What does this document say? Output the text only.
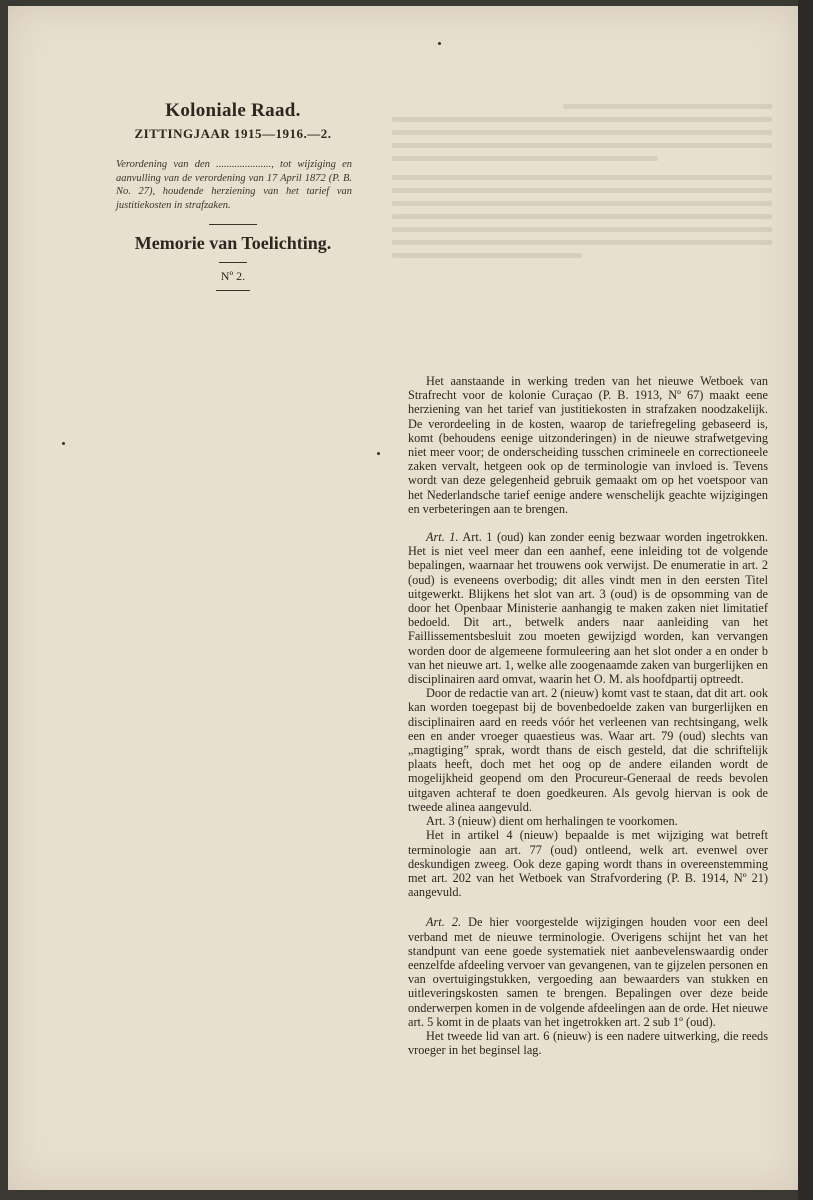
Koloniale Raad.
ZITTINGJAAR 1915—1916.—2.
Verordening van den ....................., tot wijziging en aanvulling van de verordening van 17 April 1872 (P. B. No. 27), houdende herziening van het tarief van justitiekosten in strafzaken.
Memorie van Toelichting.
Nº 2.

Het aanstaande in werking treden van het nieuwe Wetboek van Strafrecht voor de kolonie Curaçao (P. B. 1913, Nº 67) maakt eene herziening van het tarief van justitiekosten in strafzaken noodzakelijk. De verordeeling in de kosten, waarop de tariefregeling gebaseerd is, komt (behoudens eenige uitzonderingen) in de nieuwe strafwetgeving niet meer voor; de onderscheiding tusschen crimineele en correctioneele zaken vervalt, hetgeen ook op de terminologie van invloed is. Tevens wordt van deze gelegenheid gebruik gemaakt om op het voetspoor van het Nederlandsche tarief eenige andere wenschelijk geachte wijzigingen en verbeteringen aan te brengen.

Art. 1. Art. 1 (oud) kan zonder eenig bezwaar worden ingetrokken. Het is niet veel meer dan een aanhef, eene inleiding tot de volgende bepalingen, waarnaar het trouwens ook verwijst. De enumeratie in art. 2 (oud) is eveneens overbodig; dit alles vindt men in den eersten Titel uitgewerkt. Blijkens het slot van art. 3 (oud) is de opsomming van de door het Openbaar Ministerie aanhangig te maken zaken niet limitatief bedoeld. Dit art., betwelk anders naar aanleiding van het Faillissementsbesluit zou moeten gewijzigd worden, kan vervangen worden door de algemeene formuleering aan het slot onder a en onder b van het nieuwe art. 1, welke alle zoogenaamde zaken van burgerlijken en disciplinairen aard omvat, waarin het O. M. als hoofdpartij optreedt.

Door de redactie van art. 2 (nieuw) komt vast te staan, dat dit art. ook kan worden toegepast bij de bovenbedoelde zaken van burgerlijken en disciplinairen aard en reeds vóór het verleenen van rechtsingang, welk een en ander vroeger quaestieus was. Waar art. 79 (oud) slechts van „magtiging” sprak, wordt thans de eisch gesteld, dat die schriftelijk plaats heeft, doch met het oog op de andere eilanden wordt de mogelijkheid geopend om den Procureur-Generaal de reeds bevolen uitgaven achteraf te doen goedkeuren. Als gevolg hiervan is ook de tweede alinea aangevuld.

Art. 3 (nieuw) dient om herhalingen te voorkomen.

Het in artikel 4 (nieuw) bepaalde is met wijziging wat betreft terminologie aan art. 77 (oud) ontleend, welk art. evenwel over deskundigen zweeg. Ook deze gaping wordt thans in overeenstemming met art. 202 van het Wetboek van Strafvordering (P. B. 1914, Nº 21) aangevuld.

Art. 2. De hier voorgestelde wijzigingen houden voor een deel verband met de nieuwe terminologie. Overigens schijnt het van het standpunt van eene goede systematiek niet aanbevelenswaardig onder eenzelfde afdeeling vervoer van gevangenen, van te gijzelen personen en van overtuigingstukken, vergoeding aan bewaarders van stukken en uitleveringskosten samen te brengen. Bepalingen over deze beide onderwerpen komen in de volgende afdeelingen aan de orde. Het nieuwe art. 5 komt in de plaats van het ingetrokken art. 2 sub 1º (oud).

Het tweede lid van art. 6 (nieuw) is een nadere uitwerking, die reeds vroeger in het beginsel lag.
